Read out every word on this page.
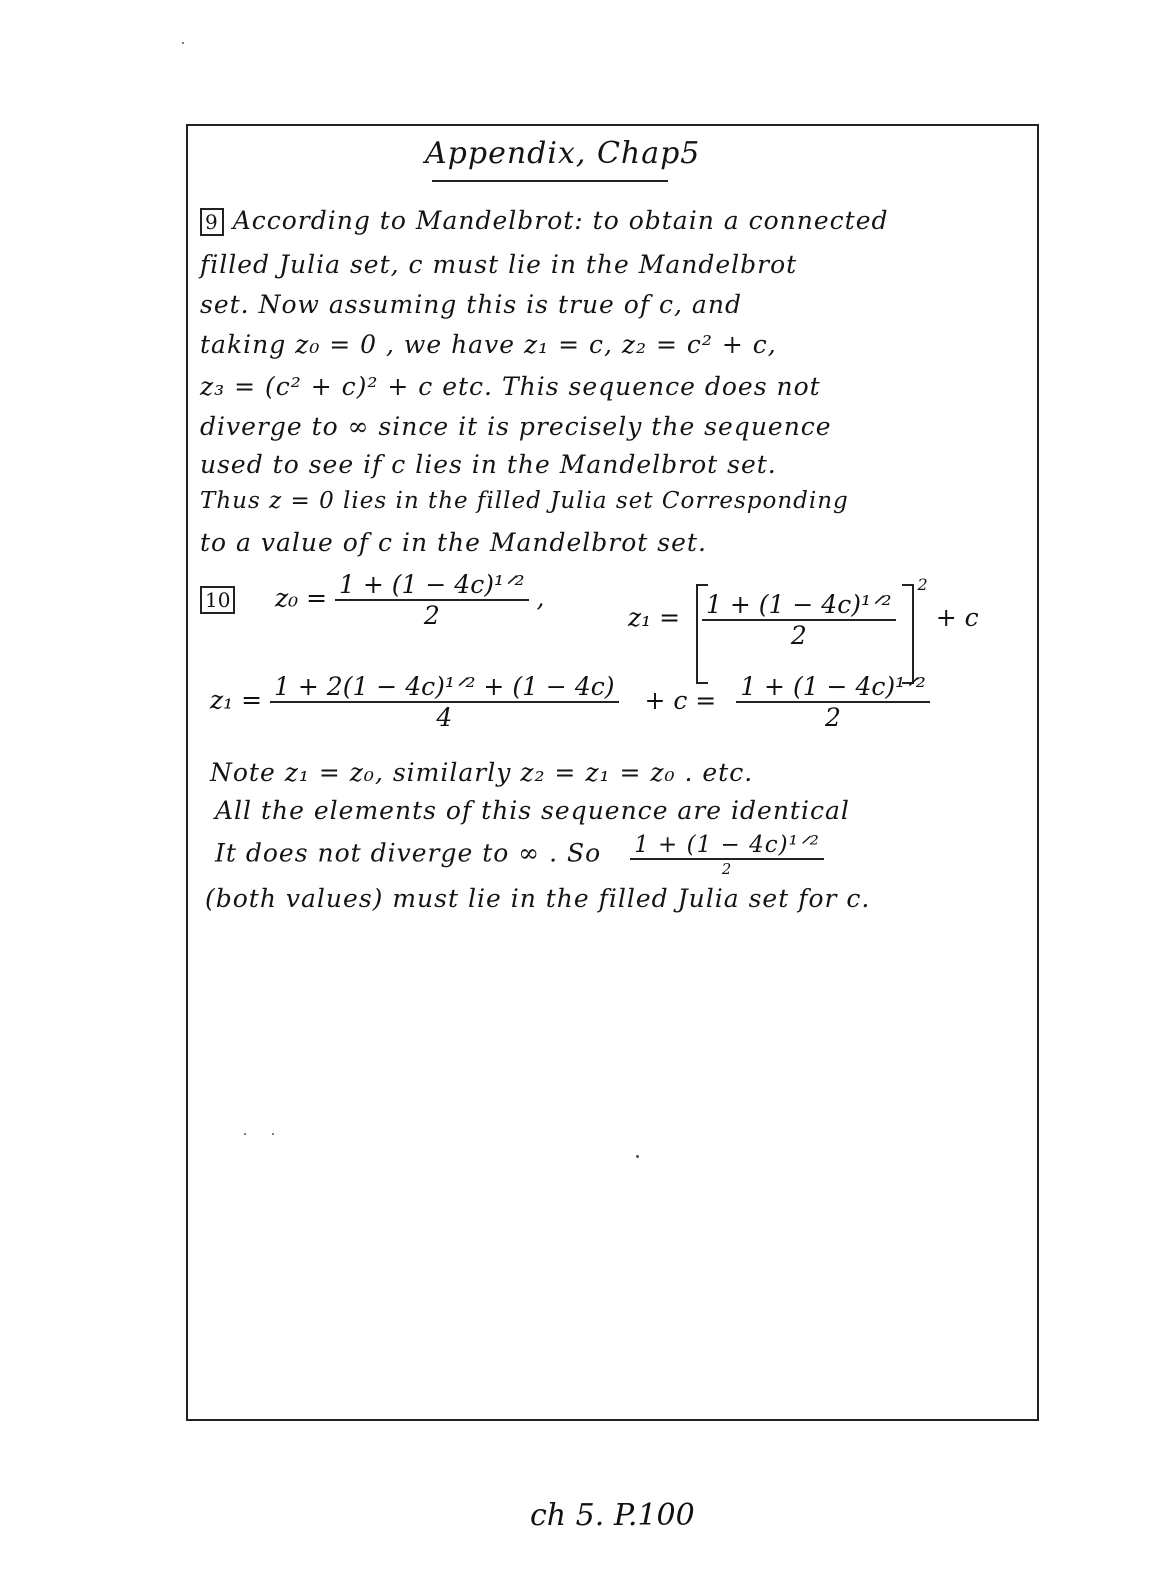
Appendix, Chap5
9 According to Mandelbrot: to obtain a connected
filled Julia set, c must lie in the Mandelbrot
set. Now assuming this is true of c, and
taking z₀ = 0 , we have z₁ = c, z₂ = c² + c,
z₃ = (c² + c)² + c etc. This sequence does not
diverge to ∞ since it is precisely the sequence
used to see if c lies in the Mandelbrot set.
Thus z = 0 lies in the filled Julia set Corresponding
to a value of c in the Mandelbrot set.
10 $z_0 = \frac{\text{1 + (1 − 4c)¹ᐟ²}}{2}$ ,
$z_1 = \frac{\text{1 + (1 − 4c)¹ᐟ²}}{2}$
$^2$ + c
$z_1 = \frac{\text{1 + 2(1 − 4c)¹ᐟ² + (1 − 4c)}}{4} + c = \frac{\text{1 + (1 − 4c)¹ᐟ²}}{2}$
Note z₁ = z₀, similarly z₂ = z₁ = z₀ . etc.
All the elements of this sequence are identical
It does not diverge to ∞ . So $\frac{\text{1 + (1 − 4c)¹ᐟ²}}{2}$
(both values) must lie in the filled Julia set for c.
ch 5. P.100
